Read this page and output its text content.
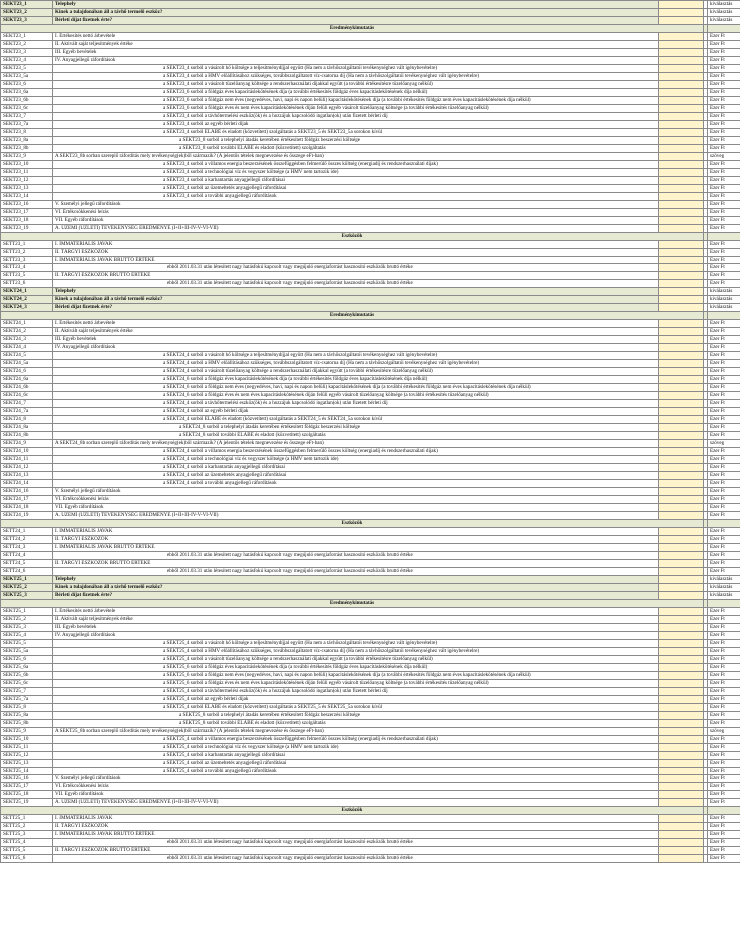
SEKT23_1	Telephely			kiválasztás
SEKT23_2	Kinek a tulajdonában áll a távhő termelő eszköz?			kiválasztás
SEKT23_3	Bérleti díjat fizetnek érte?			kiválasztás
Eredménykimutatás				
SEKT23_1	I. Értékesítés nettó árbevétele			Ezer Ft
SEKT23_2	II. Aktivált saját teljesítmények értéke			Ezer Ft
SEKT23_3	III. Egyéb bevételek			Ezer Ft
SEKT23_4	IV. Anyagjellegű ráfordítások			Ezer Ft
SEKT23_5	a SEKT23_4 sorból a vásárolt hő költsége a teljesítménydíjjal együtt (Ha nem a távhőszolgáltatói tevékenységhez vált igénybevételre)			Ezer Ft
SEKT23_5a	a SEKT23_4 sorból a HMV előállításához szükséges, továbbszolgáltatott víz-csatorna díj (Ha nem a távhőszolgáltatói tevékenységhez vált igénybevételre)			Ezer Ft
SEKT23_6	a SEKT23_4 sorból a vásárolt tüzelőanyag költsége a rendszerhasználati díjakkal együtt (a további értékesítésre tüzelőanyag nélkül)			Ezer Ft
SEKT23_6a	a SEKT23_6 sorból a földgáz éves kapacitáslekötésének díja (a további értékesítés földgáz éves kapacitáslekötésének díja nélkül)			Ezer Ft
SEKT23_6b	a SEKT23_6 sorból a földgáz nem éves (negyedéves, havi, napi és napon belüli) kapacitáslekötésének díja (a további értékesítés földgáz nem éves kapacitáslekötésének díja nélkül)			Ezer Ft
SEKT23_6c	a SEKT23_6 sorból a földgáz éves és nem éves kapacitáslekötésének díján felüli egyéb vásárolt tüzelőanyag költsége (a további értékesítés tüzelőanyag nélkül)			Ezer Ft
SEKT23_7	a SEKT23_4 sorból a távhőtermelési eszköz(ök) és a hozzájuk kapcsolódó ingatlan(ok) után fizetett bérleti díj			Ezer Ft
SEKT23_7a	a SEKT23_4 sorból az egyéb bérleti díjak			Ezer Ft
SEKT23_8	a SEKT23_4 sorból ELÁBÉ és eladott (közvetített) szolgáltatás a SEKT23_5 és SEKT23_5a sorokon kívül			Ezer Ft
SEKT23_8a	a SEKT23_8 sorból a telephelyi átadás keretében értékesített földgáz beszerzési költsége			Ezer Ft
SEKT23_8b	a SEKT23_8 sorból további ELÁBÉ és eladott (közvetített) szolgáltatás			Ezer Ft
SEKT23_9	A SEKT23_8b sorban szereplő ráfordítás mely tevékenység(ek)ből származik? (A jelentős tételek megnevezése és összege eFt-ban)			szöveg
SEKT23_10	a SEKT23_4 sorból a villamos energia beszerzésének összefüggésben felmerülő összes költség (energiadíj és rendszerhasználati díjak)			Ezer Ft
SEKT23_11	a SEKT23_4 sorból a technológiai víz és vegyszer költsége (a HMV nem tartozik ide)			Ezer Ft
SEKT23_12	a SEKT23_4 sorból a karbantartás anyagjellegű ráfordításai			Ezer Ft
SEKT23_13	a SEKT23_4 sorból az üzemeltetés anyagjellegű ráfordításai			Ezer Ft
SEKT23_14	a SEKT23_4 sorból a további anyagjellegű ráfordítások			Ezer Ft
SEKT23_16	V. Személyi jellegű ráfordítások			Ezer Ft
SEKT23_17	VI. Értékcsökkenési leírás			Ezer Ft
SEKT23_18	VII. Egyéb ráfordítások			Ezer Ft
SEKT23_19	A. ÜZEMI (ÜZLETI) TEVÉKENYSÉG EREDMÉNYE (I+II+III-IV-V-VI-VII)			Ezer Ft
Eszközök				
SETT23_1	I. IMMATERIÁLIS JAVAK			Ezer Ft
SETT23_2	II. TÁRGYI ESZKÖZÖK			Ezer Ft
SETT23_3	I. IMMATERIÁLIS JAVAK BRUTTÓ ÉRTÉKE			Ezer Ft
SETT23_4	ebből 2011.03.31 után létesített nagy hatásfokú kapcsolt vagy megújuló energiaforrást hasznosító eszközök bruttó értéke			Ezer Ft
SETT23_5	II. TÁRGYI ESZKÖZÖK BRUTTÓ ÉRTÉKE			Ezer Ft
SETT23_6	ebből 2011.03.31 után létesített nagy hatásfokú kapcsolt vagy megújuló energiaforrást hasznosító eszközök bruttó értéke			Ezer Ft
SEKT24_1	Telephely			kiválasztás
SEKT24_2	Kinek a tulajdonában áll a távhő termelő eszköz?			kiválasztás
SEKT24_3	Bérleti díjat fizetnek érte?			kiválasztás
Eredménykimutatás				
SEKT24_1	I. Értékesítés nettó árbevétele			Ezer Ft
SEKT24_2	II. Aktivált saját teljesítmények értéke			Ezer Ft
SEKT24_3	III. Egyéb bevételek			Ezer Ft
SEKT24_4	IV. Anyagjellegű ráfordítások			Ezer Ft
SEKT24_5	a SEKT24_4 sorból a vásárolt hő költsége a teljesítménydíjjal együtt (Ha nem a távhőszolgáltatói tevékenységhez vált igénybevételre)			Ezer Ft
SEKT24_5a	a SEKT24_4 sorból a HMV előállításához szükséges, továbbszolgáltatott víz-csatorna díj (Ha nem a távhőszolgáltatói tevékenységhez vált igénybevételre)			Ezer Ft
SEKT24_6	a SEKT24_4 sorból a vásárolt tüzelőanyag költsége a rendszerhasználati díjakkal együtt (a további értékesítésre tüzelőanyag nélkül)			Ezer Ft
SEKT24_6a	a SEKT24_6 sorból a földgáz éves kapacitáslekötésének díja (a további értékesítés földgáz éves kapacitáslekötésének díja nélkül)			Ezer Ft
SEKT24_6b	a SEKT24_6 sorból a földgáz nem éves (negyedéves, havi, napi és napon belüli) kapacitáslekötésének díja (a további értékesítés földgáz nem éves kapacitáslekötésének díja nélkül)			Ezer Ft
SEKT24_6c	a SEKT24_6 sorból a földgáz éves és nem éves kapacitáslekötésének díján felüli egyéb vásárolt tüzelőanyag költsége (a további értékesítés tüzelőanyag nélkül)			Ezer Ft
SEKT24_7	a SEKT24_4 sorból a távhőtermelési eszköz(ök) és a hozzájuk kapcsolódó ingatlan(ok) után fizetett bérleti díj			Ezer Ft
SEKT24_7a	a SEKT24_4 sorból az egyéb bérleti díjak			Ezer Ft
SEKT24_8	a SEKT24_4 sorból ELÁBÉ és eladott (közvetített) szolgáltatás a SEKT24_5 és SEKT24_5a sorokon kívül			Ezer Ft
SEKT24_8a	a SEKT24_8 sorból a telephelyi átadás keretében értékesített földgáz beszerzési költsége			Ezer Ft
SEKT24_8b	a SEKT24_8 sorból további ELÁBÉ és eladott (közvetített) szolgáltatás			Ezer Ft
SEKT24_9	A SEKT24_8b sorban szereplő ráfordítás mely tevékenység(ek)ből származik? (A jelentős tételek megnevezése és összege eFt-ban)			szöveg
SEKT24_10	a SEKT24_4 sorból a villamos energia beszerzésének összefüggésben felmerülő összes költség (energiadíj és rendszerhasználati díjak)			Ezer Ft
SEKT24_11	a SEKT24_4 sorból a technológiai víz és vegyszer költsége (a HMV nem tartozik ide)			Ezer Ft
SEKT24_12	a SEKT24_4 sorból a karbantartás anyagjellegű ráfordításai			Ezer Ft
SEKT24_13	a SEKT24_4 sorból az üzemeltetés anyagjellegű ráfordításai			Ezer Ft
SEKT24_14	a SEKT24_4 sorból a további anyagjellegű ráfordítások			Ezer Ft
SEKT24_16	V. Személyi jellegű ráfordítások			Ezer Ft
SEKT24_17	VI. Értékcsökkenési leírás			Ezer Ft
SEKT24_18	VII. Egyéb ráfordítások			Ezer Ft
SEKT24_19	A. ÜZEMI (ÜZLETI) TEVÉKENYSÉG EREDMÉNYE (I+II+III-IV-V-VI-VII)			Ezer Ft
Eszközök				
SETT24_1	I. IMMATERIÁLIS JAVAK			Ezer Ft
SETT24_2	II. TÁRGYI ESZKÖZÖK			Ezer Ft
SETT24_3	I. IMMATERIÁLIS JAVAK BRUTTÓ ÉRTÉKE			Ezer Ft
SETT24_4	ebből 2011.03.31 után létesített nagy hatásfokú kapcsolt vagy megújuló energiaforrást hasznosító eszközök bruttó értéke			Ezer Ft
SETT24_5	II. TÁRGYI ESZKÖZÖK BRUTTÓ ÉRTÉKE			Ezer Ft
SETT24_6	ebből 2011.03.31 után létesített nagy hatásfokú kapcsolt vagy megújuló energiaforrást hasznosító eszközök bruttó értéke			Ezer Ft
SEKT25_1	Telephely			kiválasztás
SEKT25_2	Kinek a tulajdonában áll a távhő termelő eszköz?			kiválasztás
SEKT25_3	Bérleti díjat fizetnek érte?			kiválasztás
Eredménykimutatás				
SEKT25_1	I. Értékesítés nettó árbevétele			Ezer Ft
SEKT25_2	II. Aktivált saját teljesítmények értéke			Ezer Ft
SEKT25_3	III. Egyéb bevételek			Ezer Ft
SEKT25_4	IV. Anyagjellegű ráfordítások			Ezer Ft
SEKT25_5	a SEKT25_4 sorból a vásárolt hő költsége a teljesítménydíjjal együtt (Ha nem a távhőszolgáltatói tevékenységhez vált igénybevételre)			Ezer Ft
SEKT25_5a	a SEKT25_4 sorból a HMV előállításához szükséges, továbbszolgáltatott víz-csatorna díj (Ha nem a távhőszolgáltatói tevékenységhez vált igénybevételre)			Ezer Ft
SEKT25_6	a SEKT25_4 sorból a vásárolt tüzelőanyag költsége a rendszerhasználati díjakkal együtt (a további értékesítésre tüzelőanyag nélkül)			Ezer Ft
SEKT25_6a	a SEKT25_6 sorból a földgáz éves kapacitáslekötésének díja (a további értékesítés földgáz éves kapacitáslekötésének díja nélkül)			Ezer Ft
SEKT25_6b	a SEKT25_6 sorból a földgáz nem éves (negyedéves, havi, napi és napon belüli) kapacitáslekötésének díja (a további értékesítés földgáz nem éves kapacitáslekötésének díja nélkül)			Ezer Ft
SEKT25_6c	a SEKT25_6 sorból a földgáz éves és nem éves kapacitáslekötésének díján felüli egyéb vásárolt tüzelőanyag költsége (a további értékesítés tüzelőanyag nélkül)			Ezer Ft
SEKT25_7	a SEKT25_4 sorból a távhőtermelési eszköz(ök) és a hozzájuk kapcsolódó ingatlan(ok) után fizetett bérleti díj			Ezer Ft
SEKT25_7a	a SEKT25_4 sorból az egyéb bérleti díjak			Ezer Ft
SEKT25_8	a SEKT25_4 sorból ELÁBÉ és eladott (közvetített) szolgáltatás a SEKT25_5 és SEKT25_5a sorokon kívül			Ezer Ft
SEKT25_8a	a SEKT25_8 sorból a telephelyi átadás keretében értékesített földgáz beszerzési költsége			Ezer Ft
SEKT25_8b	a SEKT25_8 sorból további ELÁBÉ és eladott (közvetített) szolgáltatás			Ezer Ft
SEKT25_9	A SEKT25_8b sorban szereplő ráfordítás mely tevékenység(ek)ből származik? (A jelentős tételek megnevezése és összege eFt-ban)			szöveg
SEKT25_10	a SEKT25_4 sorból a villamos energia beszerzésének összefüggésben felmerülő összes költség (energiadíj és rendszerhasználati díjak)			Ezer Ft
SEKT25_11	a SEKT25_4 sorból a technológiai víz és vegyszer költsége (a HMV nem tartozik ide)			Ezer Ft
SEKT25_12	a SEKT25_4 sorból a karbantartás anyagjellegű ráfordításai			Ezer Ft
SEKT25_13	a SEKT25_4 sorból az üzemeltetés anyagjellegű ráfordításai			Ezer Ft
SEKT25_14	a SEKT25_4 sorból a további anyagjellegű ráfordítások			Ezer Ft
SEKT25_16	V. Személyi jellegű ráfordítások			Ezer Ft
SEKT25_17	VI. Értékcsökkenési leírás			Ezer Ft
SEKT25_18	VII. Egyéb ráfordítások			Ezer Ft
SEKT25_19	A. ÜZEMI (ÜZLETI) TEVÉKENYSÉG EREDMÉNYE (I+II+III-IV-V-VI-VII)			Ezer Ft
Eszközök				
SETT25_1	I. IMMATERIÁLIS JAVAK			Ezer Ft
SETT25_2	II. TÁRGYI ESZKÖZÖK			Ezer Ft
SETT25_3	I. IMMATERIÁLIS JAVAK BRUTTÓ ÉRTÉKE			Ezer Ft
SETT25_4	ebből 2011.03.31 után létesített nagy hatásfokú kapcsolt vagy megújuló energiaforrást hasznosító eszközök bruttó értéke			Ezer Ft
SETT25_5	II. TÁRGYI ESZKÖZÖK BRUTTÓ ÉRTÉKE			Ezer Ft
SETT25_6	ebből 2011.03.31 után létesített nagy hatásfokú kapcsolt vagy megújuló energiaforrást hasznosító eszközök bruttó értéke			Ezer Ft
